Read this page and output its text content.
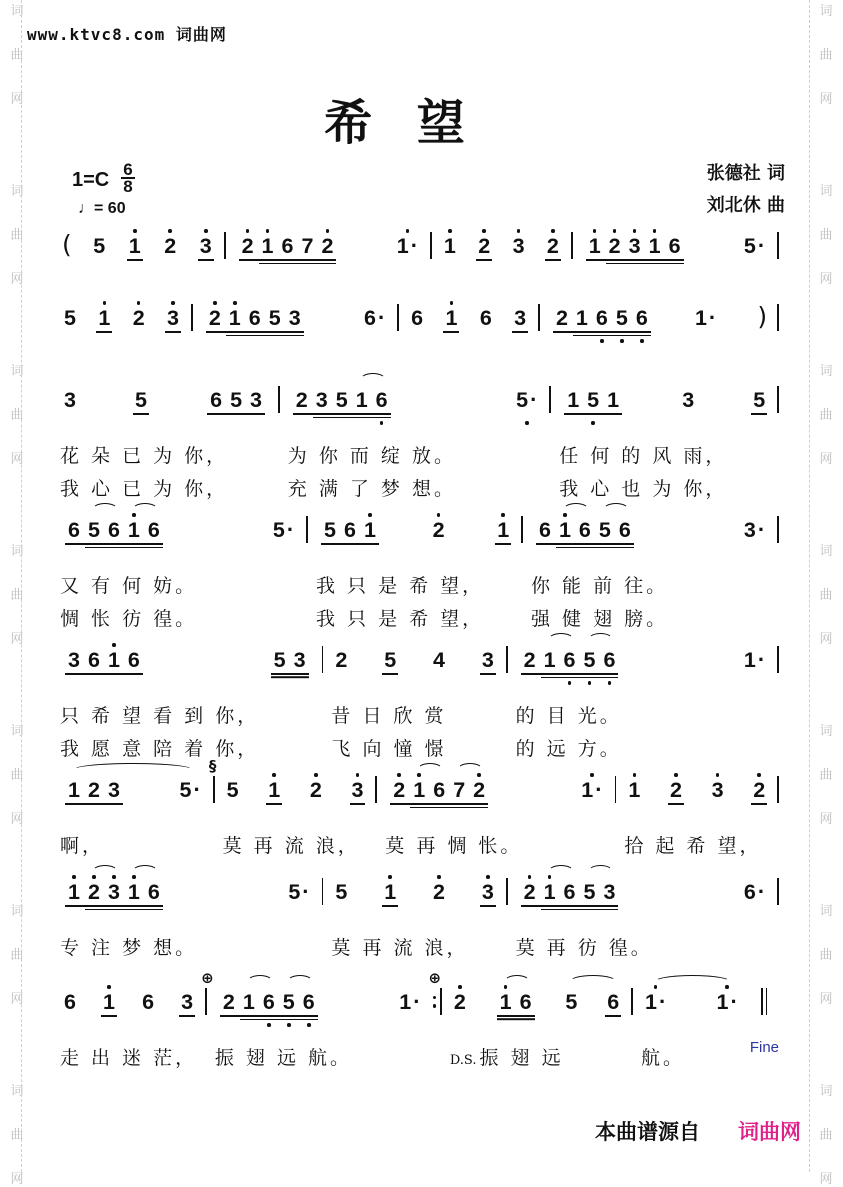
词
曲
网
词
曲
网
词
曲
网
词
曲
网
词
曲
网
词
曲
网
词
曲
网
词
曲
网
词
曲
网
词
曲
网
词
曲
网
词
曲
网
词
曲
网
词
曲
网
www.ktvc8.com 词曲网
希 望
张德社 词
刘北休 曲
$1=C \frac{6}{8}$
♩= 60
( 5 1 2 3 2 1 6 7 2	1· 1 2 3 2 1 2 3 1 6	5·
5 1 2 3 2 1 6 5 3	6· 6 1 6 3 2 1 6 5 6 1· )
3	5	6 5 3
花 朵 已 为 你，
我 心 已 为 你，
2 3 5 1 6	5·
为 你 而 绽 放。
充 满 了 梦 想。
1 5 1	3	5
任 何 的 风 雨，
我 心 也 为 你，
6 5 6 1 6	5·
又 有 何 妨。
惆 怅 彷 徨。
5 6 1	2 1
我 只 是 希 望，
我 只 是 希 望，
6 1 6 5 6	3·
你 能 前 往。
强 健 翅 膀。
3 6 1 6	5 3
只 希 望 看 到 你，
我 愿 意 陪 着 你，
2 5 4 3
昔 日 欣 赏
飞 向 憧 憬
2 1 6 5 6	1·
的 目 光。
的 远 方。
1 2 3	5·
啊，
§
5 1 2 3
莫 再 流 浪，
2 1 6 7 2	1·
莫 再 惆 怅。
1 2 3 2
拾 起 希 望，
1 2 3 1 6	5·
专 注 梦 想。
5 1 2 3
莫 再 流 浪，
2 1 6 5 3	6·
莫 再 彷 徨。
6 1 6 3
走 出 迷 茫，
⊕
2 1 6 5 6	1·
振 翅 远 航。
⊕
2 1 6 5 6
D.S. 振 翅 远
1· 1·
航。	Fine
本曲谱源自 词曲网
